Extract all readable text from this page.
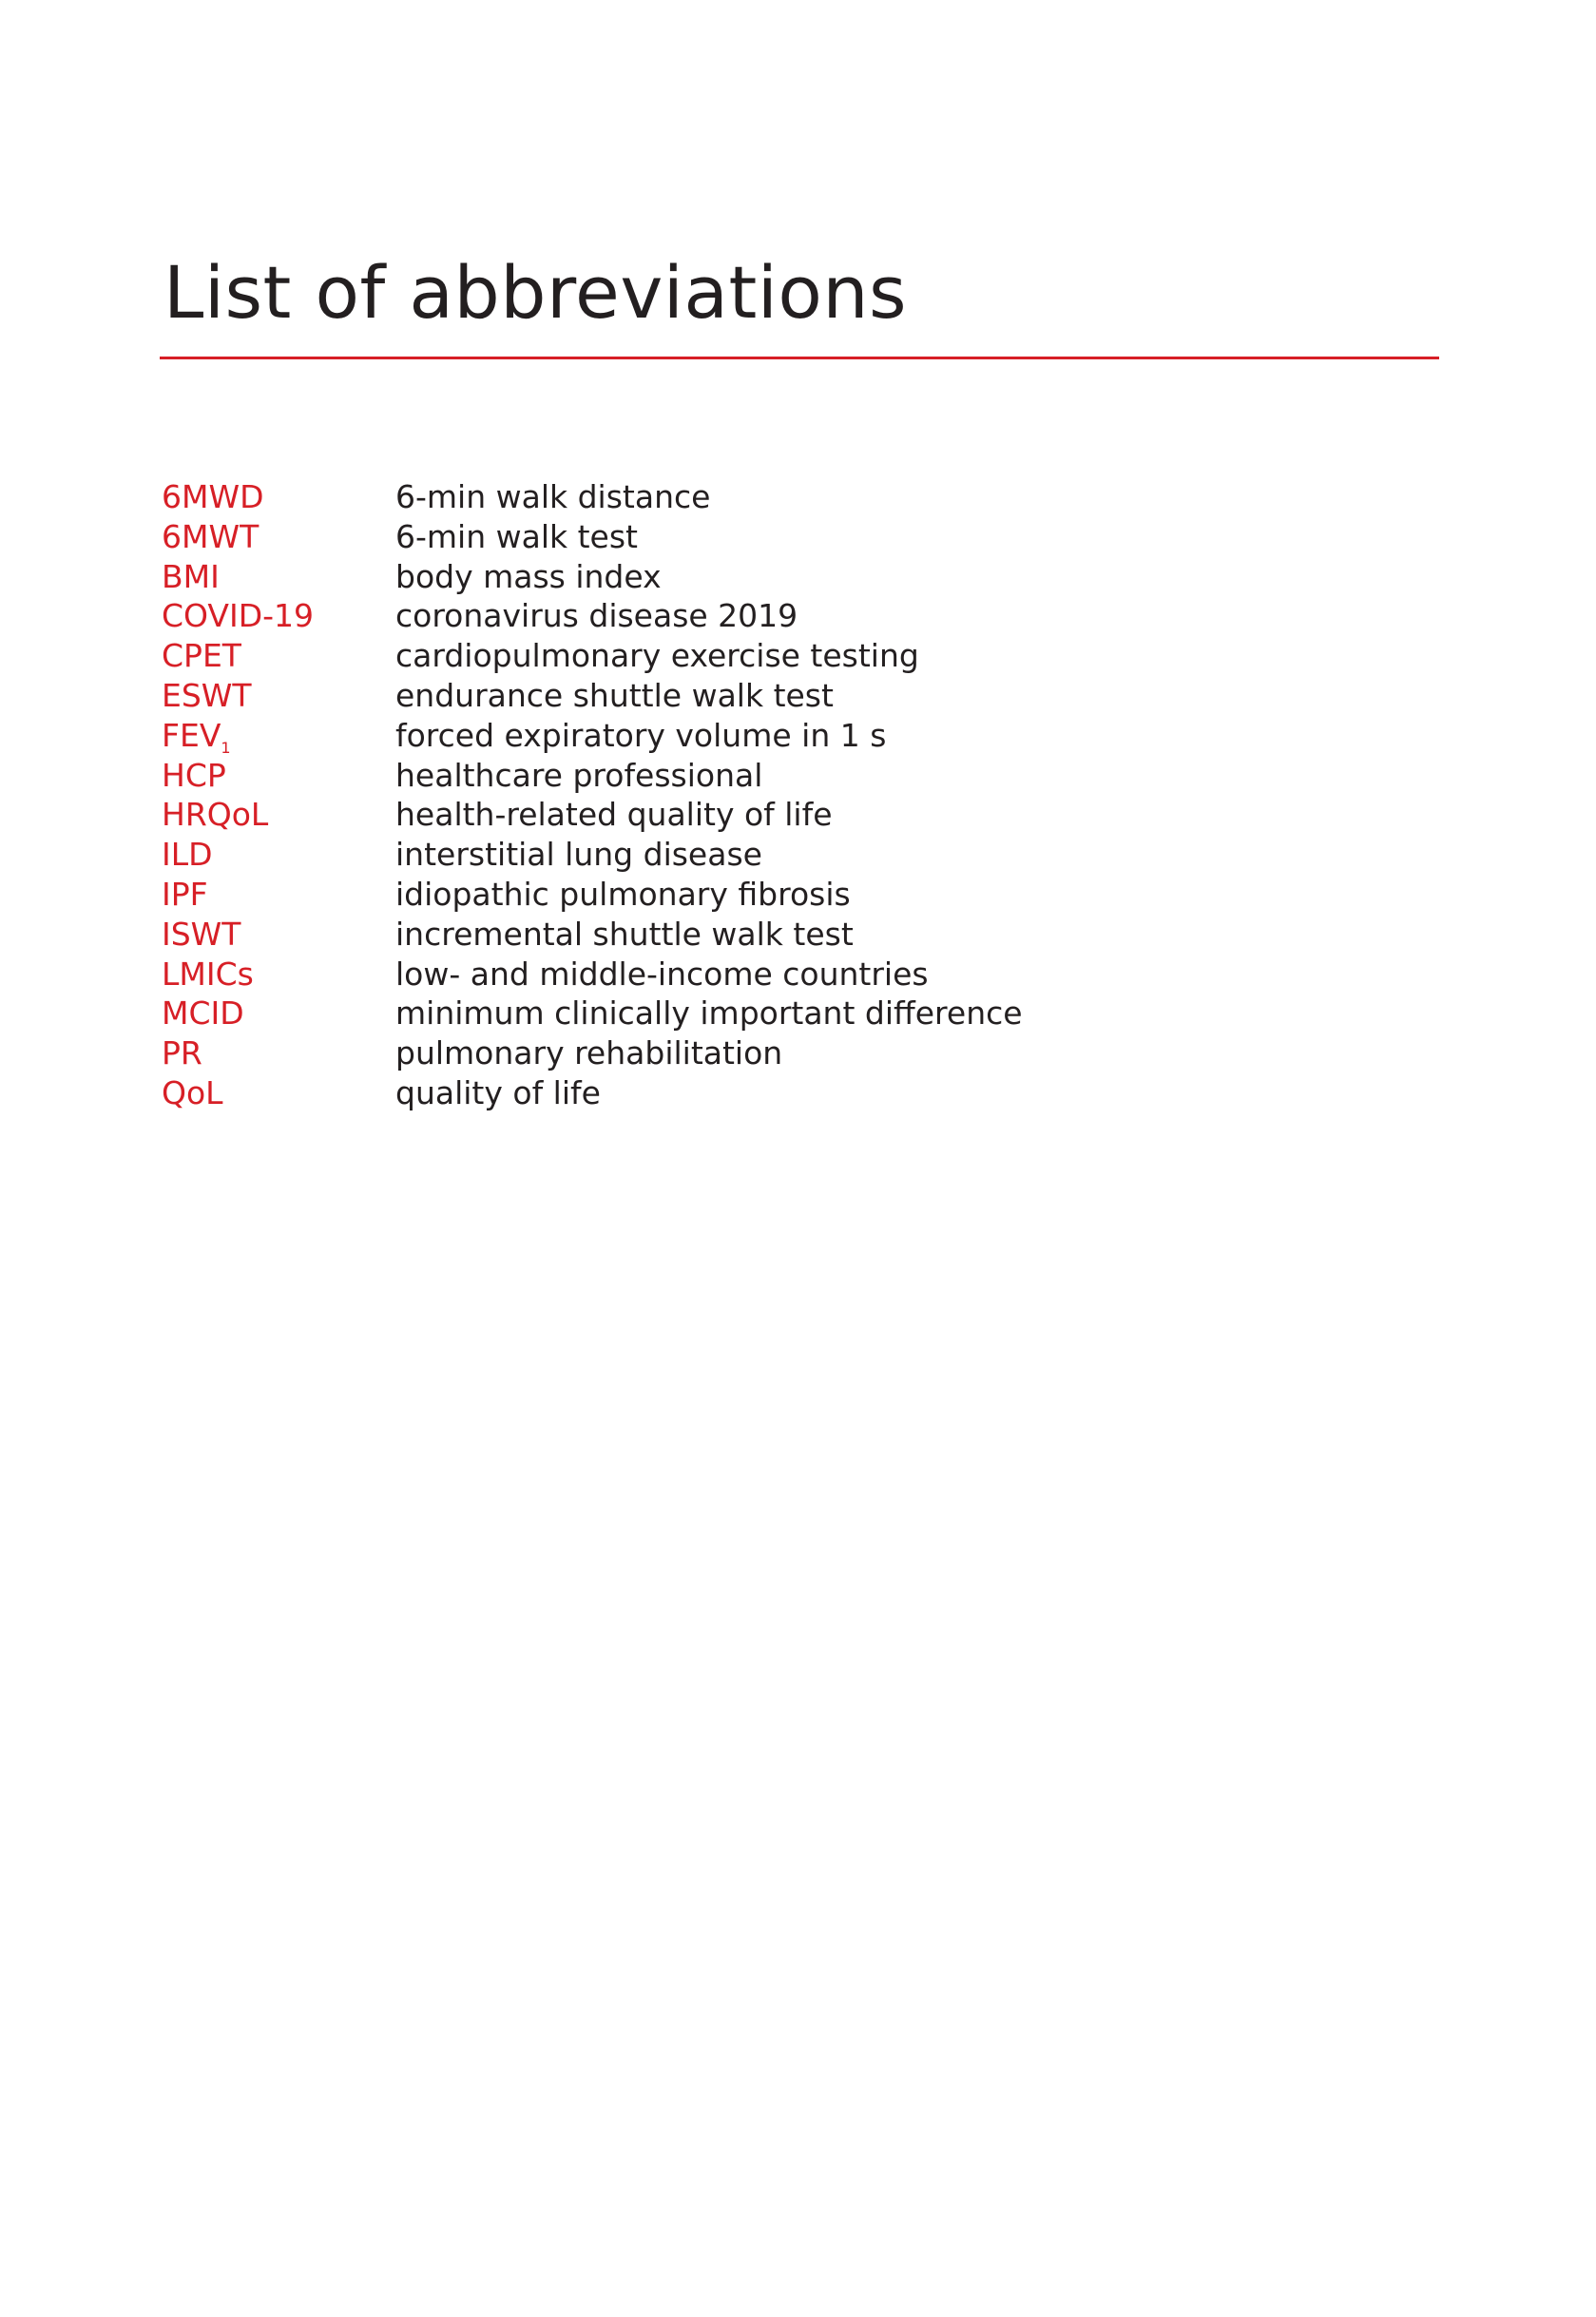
List of abbreviations
6MWD	6-min walk distance
6MWT	6-min walk test
BMI	body mass index
COVID-19	coronavirus disease 2019
CPET	cardiopulmonary exercise testing
ESWT	endurance shuttle walk test
$FEV_1$	forced expiratory volume in 1 s
HCP	healthcare professional
HRQoL	health-related quality of life
ILD	interstitial lung disease
IPF	idiopathic pulmonary fibrosis
ISWT	incremental shuttle walk test
LMICs	low- and middle-income countries
MCID	minimum clinically important difference
PR	pulmonary rehabilitation
QoL	quality of life
